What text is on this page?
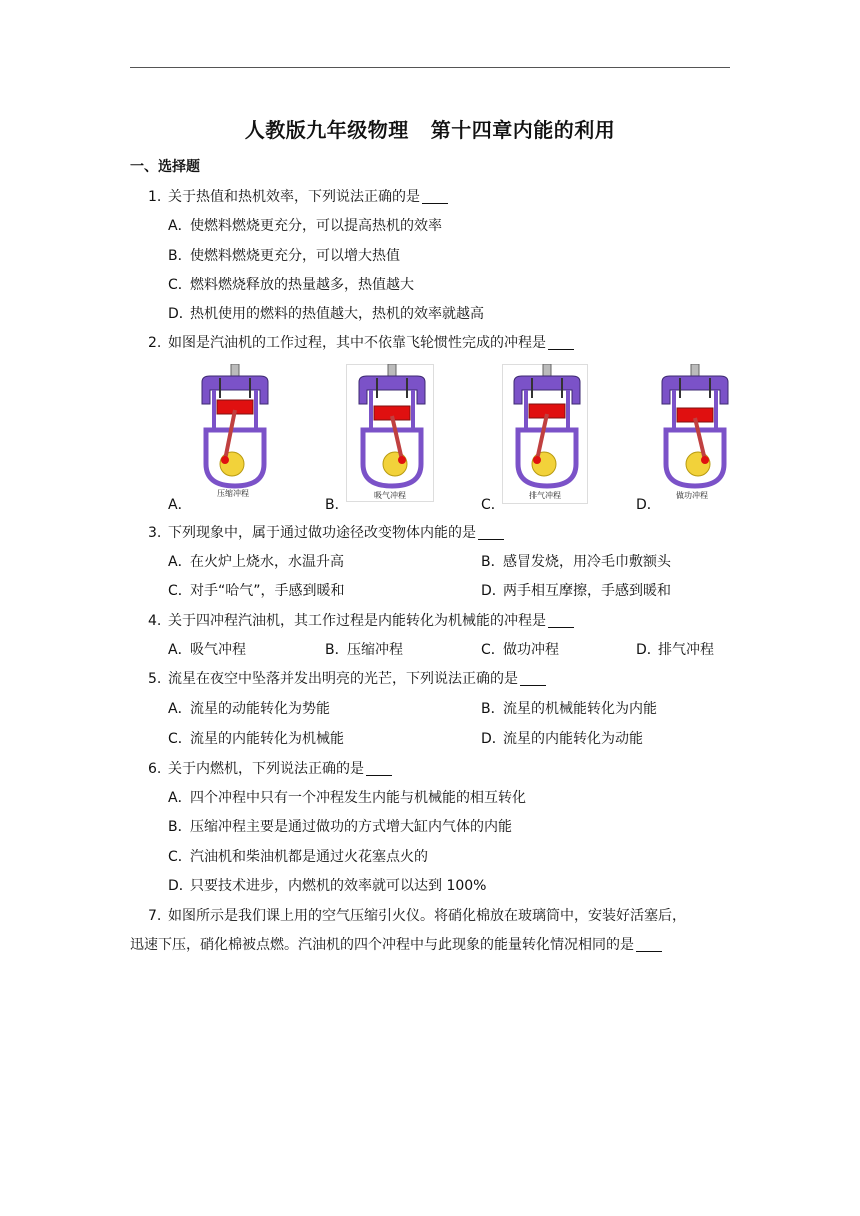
人教版九年级物理 第十四章内能的利用
一、选择题
1. 关于热值和热机效率，下列说法正确的是
A．使燃料燃烧更充分，可以提高热机的效率
B．使燃料燃烧更充分，可以增大热值
C．燃料燃烧释放的热量越多，热值越大
D．热机使用的燃料的热值越大，热机的效率就越高
2. 如图是汽油机的工作过程，其中不依靠飞轮惯性完成的冲程是
压缩冲程	吸气冲程	排气冲程	做功冲程
A．	B．	C．	D．
3. 下列现象中，属于通过做功途径改变物体内能的是
A．在火炉上烧水，水温升高	B．感冒发烧，用冷毛巾敷额头
C．对手“哈气”，手感到暖和	D．两手相互摩擦，手感到暖和
4. 关于四冲程汽油机，其工作过程是内能转化为机械能的冲程是
A．吸气冲程	B．压缩冲程	C．做功冲程	D．排气冲程
5. 流星在夜空中坠落并发出明亮的光芒，下列说法正确的是
A．流星的动能转化为势能	B．流星的机械能转化为内能
C．流星的内能转化为机械能	D．流星的内能转化为动能
6. 关于内燃机，下列说法正确的是
A．四个冲程中只有一个冲程发生内能与机械能的相互转化
B．压缩冲程主要是通过做功的方式增大缸内气体的内能
C．汽油机和柴油机都是通过火花塞点火的
D．只要技术进步，内燃机的效率就可以达到 100%
7. 如图所示是我们课上用的空气压缩引火仪。将硝化棉放在玻璃筒中，安装好活塞后，
迅速下压，硝化棉被点燃。汽油机的四个冲程中与此现象的能量转化情况相同的是
